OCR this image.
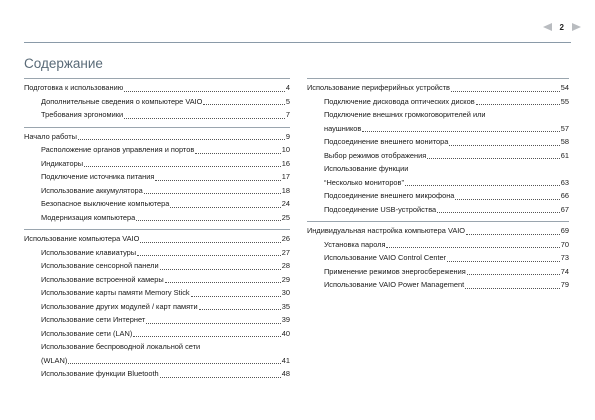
2
Содержание
Подготовка к использованию	4
Дополнительные сведения о компьютере VAIO	5
Требования эргономики	7
Начало работы	9
Расположение органов управления и портов	10
Индикаторы	16
Подключение источника питания	17
Использование аккумулятора	18
Безопасное выключение компьютера	24
Модернизация компьютера	25
Использование компьютера VAIO	26
Использование клавиатуры	27
Использование сенсорной панели	28
Использование встроенной камеры	29
Использование карты памяти Memory Stick	30
Использование других модулей / карт памяти	35
Использование сети Интернет	39
Использование сети (LAN)	40
Использование беспроводной локальной сети
(WLAN)	41
Использование функции Bluetooth	48
Использование периферийных устройств	54
Подключение дисковода оптических дисков	55
Подключение внешних громкоговорителей или
наушников	57
Подсоединение внешнего монитора	58
Выбор режимов отображения	61
Использование функции
“Несколько мониторов”	63
Подсоединение внешнего микрофона	66
Подсоединение USB-устройства	67
Индивидуальная настройка компьютера VAIO	69
Установка пароля	70
Использование VAIO Control Center	73
Применение режимов энергосбережения	74
Использование VAIO Power Management	79
